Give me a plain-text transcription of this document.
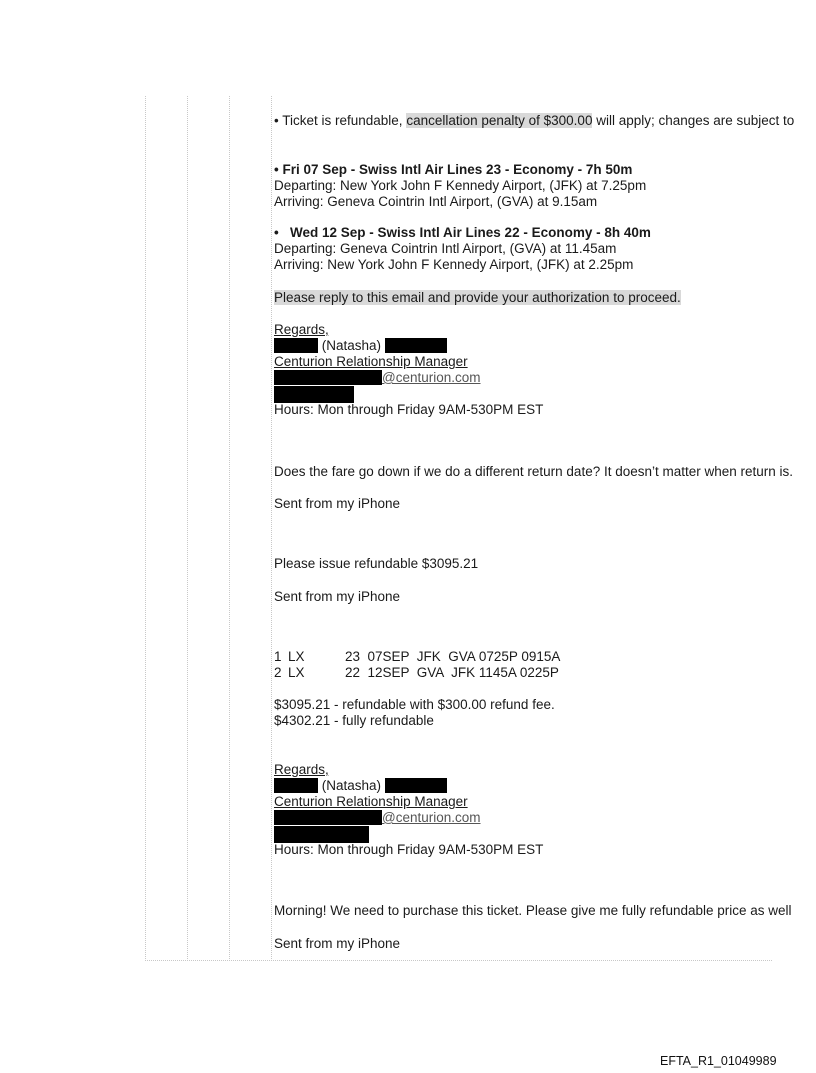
• Ticket is refundable, cancellation penalty of $300.00 will apply; changes are subject to
• Fri 07 Sep - Swiss Intl Air Lines 23 - Economy - 7h 50m
Departing: New York John F Kennedy Airport, (JFK) at 7.25pm
Arriving: Geneva Cointrin Intl Airport, (GVA) at 9.15am
• Wed 12 Sep - Swiss Intl Air Lines 22 - Economy - 8h 40m
Departing: Geneva Cointrin Intl Airport, (GVA) at 11.45am
Arriving: New York John F Kennedy Airport, (JFK) at 2.25pm
Please reply to this email and provide your authorization to proceed.
Regards,
(Natasha)
Centurion Relationship Manager
@centurion.com
Hours: Mon through Friday 9AM-530PM EST
Does the fare go down if we do a different return date? It doesn’t matter when return is.
Sent from my iPhone
Please issue refundable $3095.21
Sent from my iPhone
1 LX	23  07SEP  JFK  GVA 0725P 0915A
2 LX	22  12SEP  GVA  JFK 1145A 0225P
$3095.21 - refundable with $300.00 refund fee.
$4302.21 - fully refundable
Regards,
(Natasha)
Centurion Relationship Manager
@centurion.com
Hours: Mon through Friday 9AM-530PM EST
Morning! We need to purchase this ticket. Please give me fully refundable price as well
Sent from my iPhone
EFTA_R1_01049989
